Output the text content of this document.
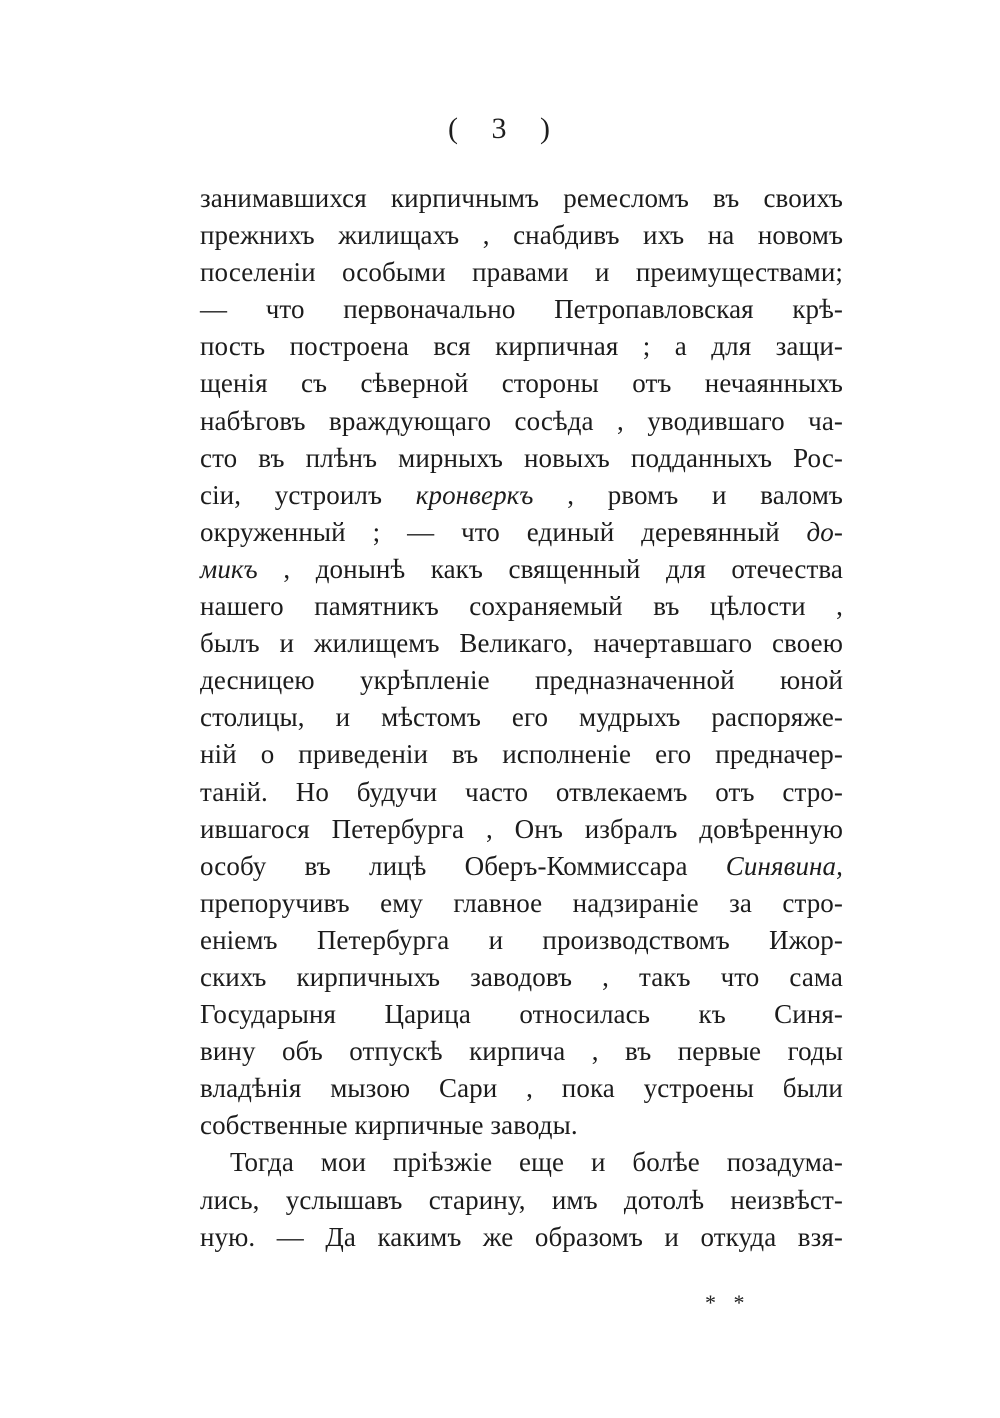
( 3 )
занимавшихся кирпичнымъ ремесломъ въ своихъ
прежнихъ жилищахъ , снабдивъ ихъ на новомъ
поселенiи особыми правами и преимуществами;
— что первоначально Петропавловская крѣ-
пость построена вся кирпичная ; а для защи-
щенiя съ сѣверной стороны отъ нечаянныхъ
набѣговъ враждующаго сосѣда , уводившаго ча-
сто въ плѣнъ мирныхъ новыхъ подданныхъ Рос-
сiи, устроилъ кронверкъ , рвомъ и валомъ
окруженный ; — что единый деревянный до-
микъ , донынѣ какъ священный для отечества
нашего памятникъ сохраняемый въ цѣлости ,
былъ и жилищемъ Великаго, начертавшаго своею
десницею укрѣпленiе предназначенной юной
столицы, и мѣстомъ его мудрыхъ распоряже-
нiй о приведенiи въ исполненiе его предначер-
танiй. Но будучи часто отвлекаемъ отъ стро-
ившагося Петербурга , Онъ избралъ довѣренную
особу въ лицѣ Оберъ-Коммиссара Синявина,
препоручивъ ему главное надзиранiе за стро-
енiемъ Петербурга и производствомъ Ижор-
скихъ кирпичныхъ заводовъ , такъ что сама
Государыня Царица относилась къ Синя-
вину объ отпускѣ кирпича , въ первые годы
владѣнiя мызою Сари , пока устроены были
собственные кирпичные заводы.
Тогда мои прiѣзжiе еще и болѣе позадума-
лись, услышавъ старину, имъ дотолѣ неизвѣст-
ную. — Да какимъ же образомъ и откуда взя-
* *
